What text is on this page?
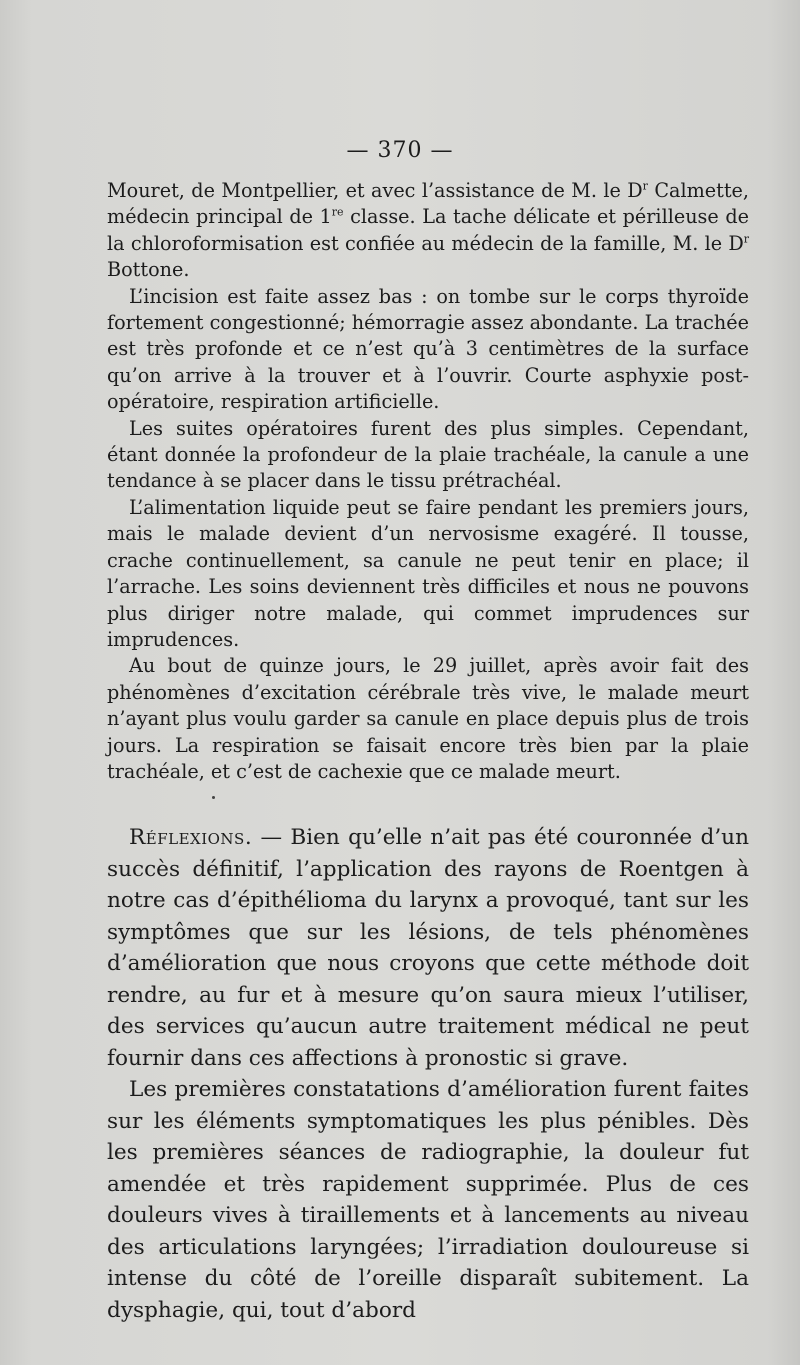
— 370 —

Mouret, de Montpellier, et avec l’assistance de M. le $D^r$ Calmette, médecin principal de 1re classe. La tache délicate et périlleuse de la chloroformisation est confiée au médecin de la famille, M. le $D^r$ Bottone.

L’incision est faite assez bas : on tombe sur le corps thyroïde fortement congestionné; hémorragie assez abondante. La trachée est très profonde et ce n’est qu’à 3 centimètres de la surface qu’on arrive à la trouver et à l’ouvrir. Courte asphyxie post-opératoire, respiration artificielle.

Les suites opératoires furent des plus simples. Cependant, étant donnée la profondeur de la plaie trachéale, la canule a une tendance à se placer dans le tissu prétrachéal.

L’alimentation liquide peut se faire pendant les premiers jours, mais le malade devient d’un nervosisme exagéré. Il tousse, crache continuellement, sa canule ne peut tenir en place; il l’arrache. Les soins deviennent très difficiles et nous ne pouvons plus diriger notre malade, qui commet imprudences sur imprudences.

Au bout de quinze jours, le 29 juillet, après avoir fait des phénomènes d’excitation cérébrale très vive, le malade meurt n’ayant plus voulu garder sa canule en place depuis plus de trois jours. La respiration se faisait encore très bien par la plaie trachéale, et c’est de cachexie que ce malade meurt.

Réflexions. — Bien qu’elle n’ait pas été couronnée d’un succès définitif, l’application des rayons de Roentgen à notre cas d’épithélioma du larynx a provoqué, tant sur les symptômes que sur les lésions, de tels phénomènes d’amélioration que nous croyons que cette méthode doit rendre, au fur et à mesure qu’on saura mieux l’utiliser, des services qu’aucun autre traitement médical ne peut fournir dans ces affections à pronostic si grave.

Les premières constatations d’amélioration furent faites sur les éléments symptomatiques les plus pénibles. Dès les premières séances de radiographie, la douleur fut amendée et très rapidement supprimée. Plus de ces douleurs vives à tiraillements et à lancements au niveau des articulations laryngées; l’irradiation douloureuse si intense du côté de l’oreille disparaît subitement. La dysphagie, qui, tout d’abord
